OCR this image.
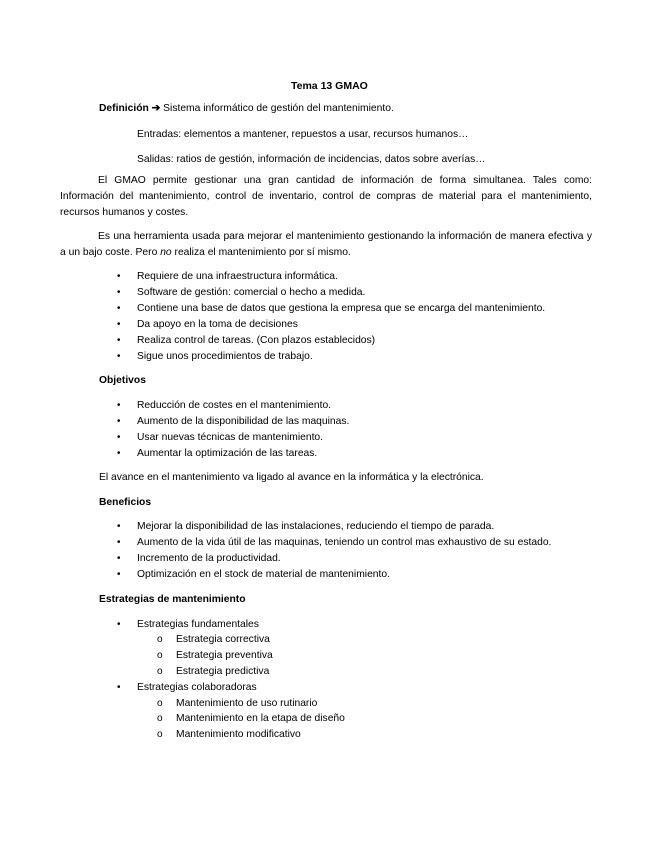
Tema 13 GMAO
Definición ➔ Sistema informático de gestión del mantenimiento.
Entradas: elementos a mantener, repuestos a usar, recursos humanos…
Salidas: ratios de gestión, información de incidencias, datos sobre averías…
El GMAO permite gestionar una gran cantidad de información de forma simultanea. Tales como: Información del mantenimiento, control de inventario, control de compras de material para el mantenimiento, recursos humanos y costes.
Es una herramienta usada para mejorar el mantenimiento gestionando la información de manera efectiva y a un bajo coste. Pero no realiza el mantenimiento por sí mismo.
• Requiere de una infraestructura informática.
• Software de gestión: comercial o hecho a medida.
• Contiene una base de datos que gestiona la empresa que se encarga del mantenimiento.
• Da apoyo en la toma de decisiones
• Realiza control de tareas. (Con plazos establecidos)
• Sigue unos procedimientos de trabajo.
Objetivos
• Reducción de costes en el mantenimiento.
• Aumento de la disponibilidad de las maquinas.
• Usar nuevas técnicas de mantenimiento.
• Aumentar la optimización de las tareas.
El avance en el mantenimiento va ligado al avance en la informática y la electrónica.
Beneficios
• Mejorar la disponibilidad de las instalaciones, reduciendo el tiempo de parada.
• Aumento de la vida útil de las maquinas, teniendo un control mas exhaustivo de su estado.
• Incremento de la productividad.
• Optimización en el stock de material de mantenimiento.
Estrategias de mantenimiento
• Estrategias fundamentales
o Estrategia correctiva
o Estrategia preventiva
o Estrategia predictiva
• Estrategias colaboradoras
o Mantenimiento de uso rutinario
o Mantenimiento en la etapa de diseño
o Mantenimiento modificativo
